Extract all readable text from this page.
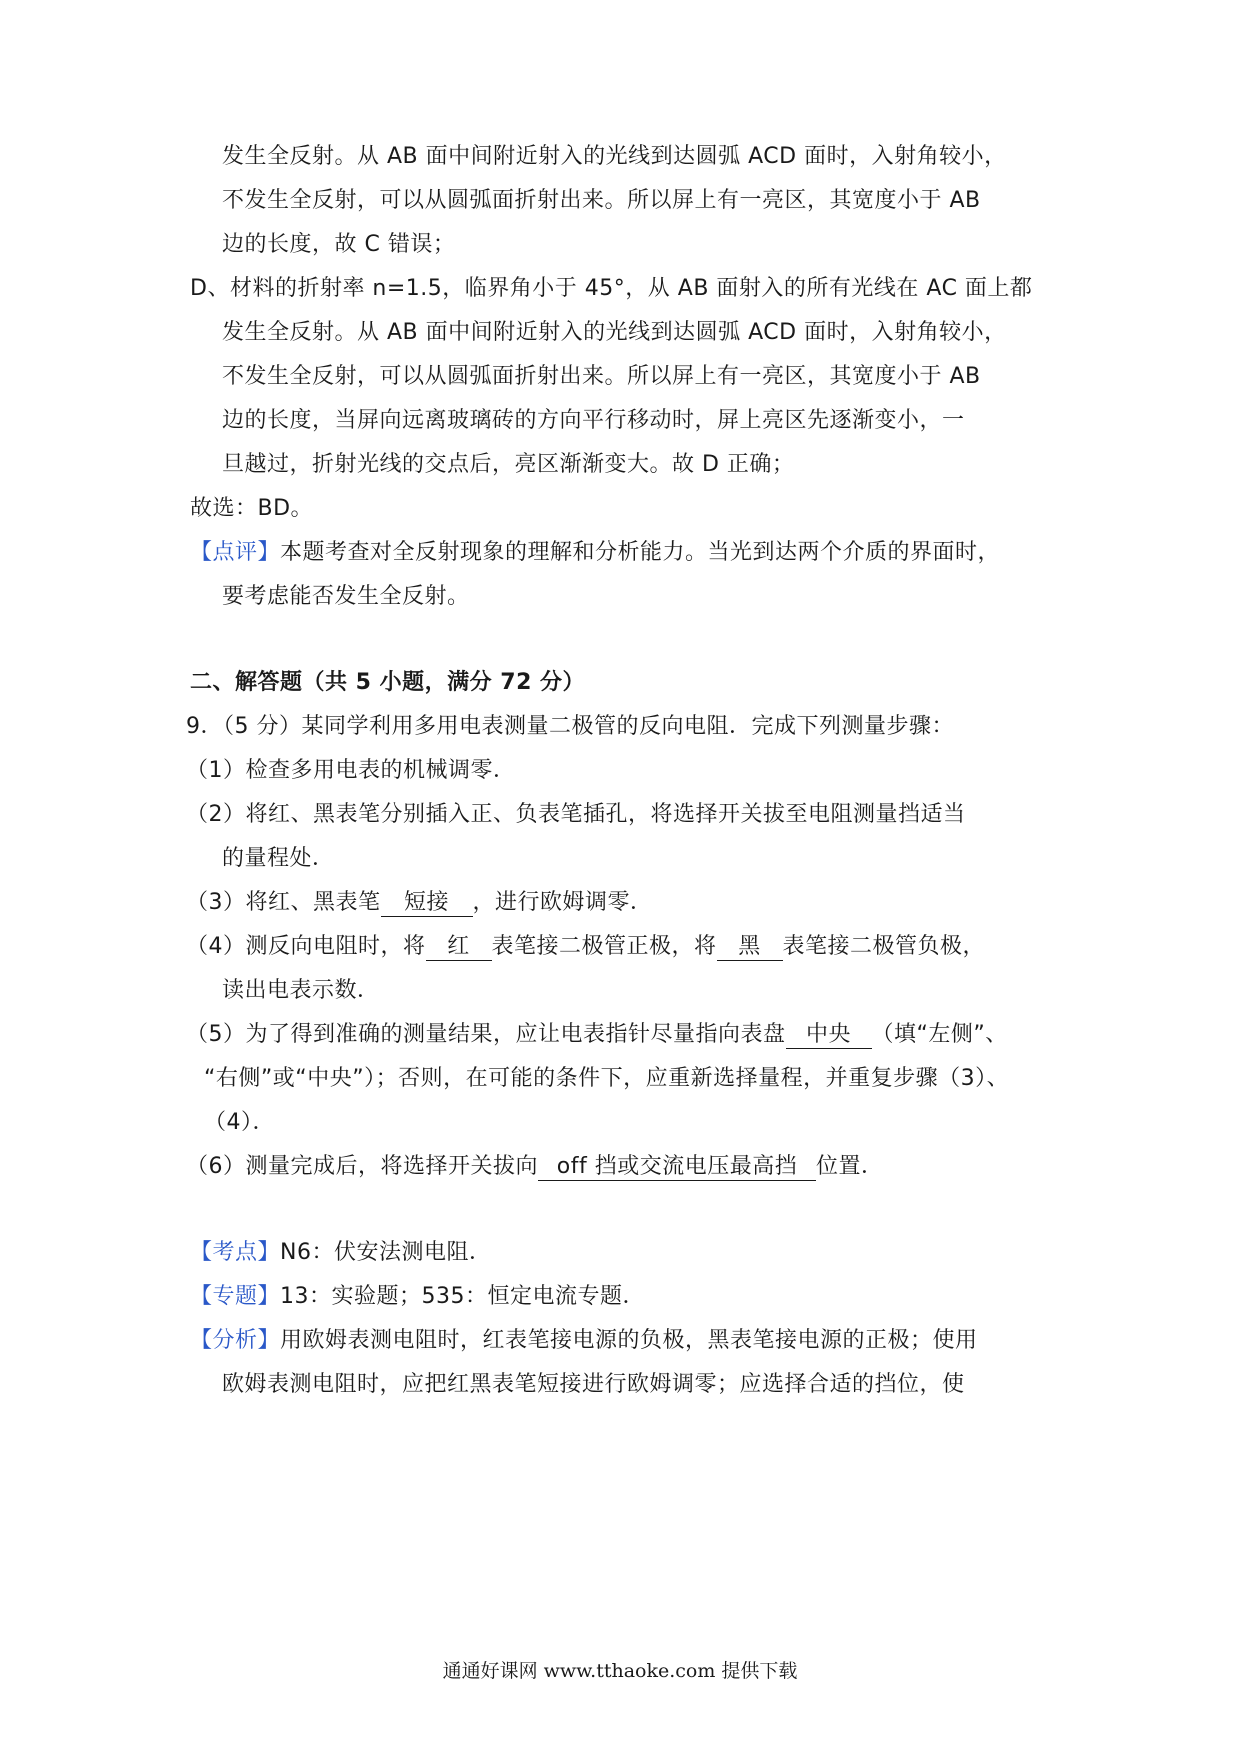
发生全反射。从 AB 面中间附近射入的光线到达圆弧 ACD 面时，入射角较小，
不发生全反射，可以从圆弧面折射出来。所以屏上有一亮区，其宽度小于 AB
边的长度，故 C 错误；
D、材料的折射率 n=1.5，临界角小于 45°，从 AB 面射入的所有光线在 AC 面上都
发生全反射。从 AB 面中间附近射入的光线到达圆弧 ACD 面时，入射角较小，
不发生全反射，可以从圆弧面折射出来。所以屏上有一亮区，其宽度小于 AB
边的长度，当屏向远离玻璃砖的方向平行移动时，屏上亮区先逐渐变小，一
旦越过，折射光线的交点后，亮区渐渐变大。故 D 正确；
故选：BD。
【点评】本题考查对全反射现象的理解和分析能力。当光到达两个介质的界面时，
要考虑能否发生全反射。
二、解答题（共 5 小题，满分 72 分）
9．（5 分）某同学利用多用电表测量二极管的反向电阻．完成下列测量步骤：
（1）检查多用电表的机械调零．
（2）将红、黑表笔分别插入正、负表笔插孔，将选择开关拔至电阻测量挡适当
的量程处．
（3）将红、黑表笔 短接 ，进行欧姆调零．
（4）测反向电阻时，将 红 表笔接二极管正极，将 黑 表笔接二极管负极，
读出电表示数．
（5）为了得到准确的测量结果，应让电表指针尽量指向表盘 中央 （填“左侧”、
“右侧”或“中央”）；否则，在可能的条件下，应重新选择量程，并重复步骤（3）、
（4）．
（6）测量完成后，将选择开关拔向 off 挡或交流电压最高挡 位置．
【考点】N6：伏安法测电阻．
【专题】13：实验题；535：恒定电流专题．
【分析】用欧姆表测电阻时，红表笔接电源的负极，黑表笔接电源的正极；使用
欧姆表测电阻时，应把红黑表笔短接进行欧姆调零；应选择合适的挡位，使
通通好课网 www.tthaoke.com 提供下载
